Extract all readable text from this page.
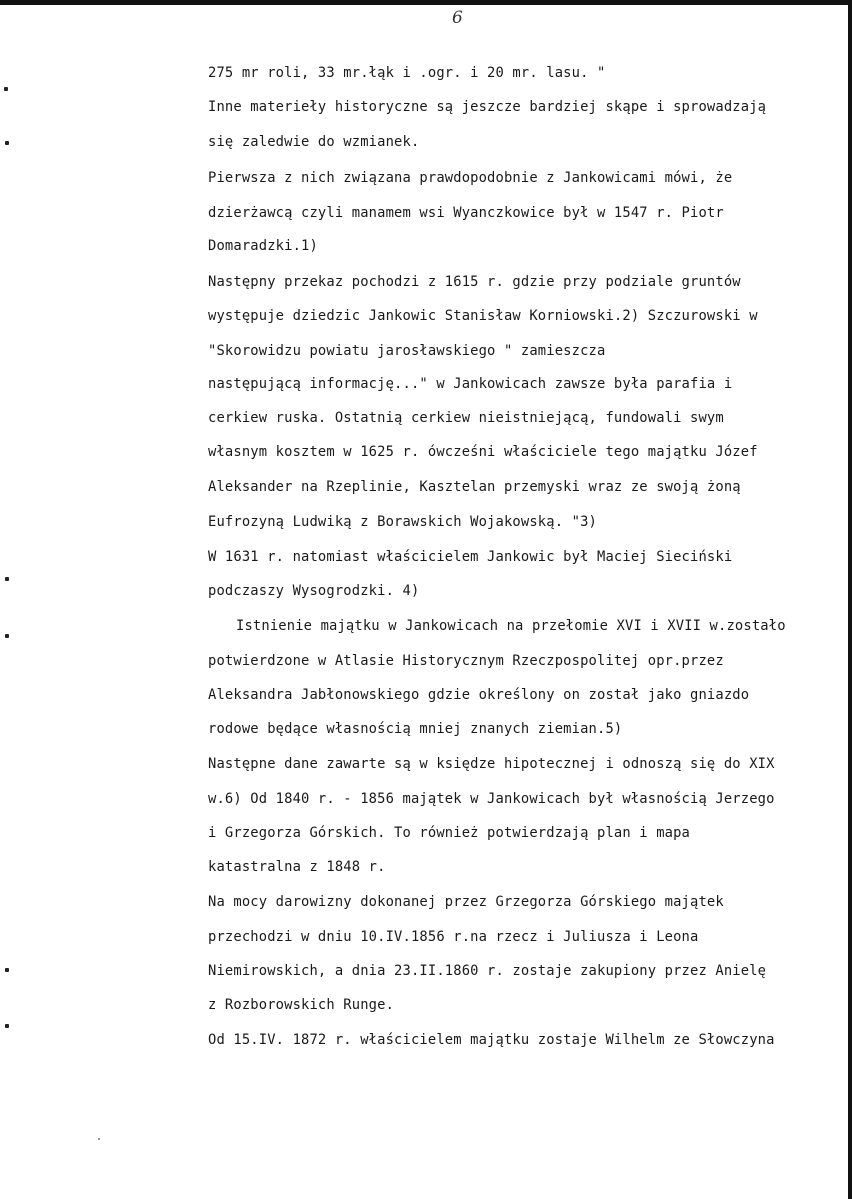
6
275 mr roli, 33 mr.łąk i .ogr. i 20 mr. lasu. "
Inne materieły historyczne są jeszcze bardziej skąpe i sprowadzają
się zaledwie do wzmianek.
Pierwsza z nich związana prawdopodobnie z Jankowicami mówi, że
dzierżawcą czyli manamem wsi Wyanczkowice był w 1547 r. Piotr
Domaradzki.1)
Następny przekaz pochodzi z 1615 r. gdzie przy podziale gruntów
występuje dziedzic Jankowic Stanisław Korniowski.2) Szczurowski w
"Skorowidzu powiatu jarosławskiego " zamieszcza
następującą informację..." w Jankowicach zawsze była parafia i
cerkiew ruska. Ostatnią cerkiew nieistniejącą, fundowali swym
własnym kosztem w 1625 r. ówcześni właściciele tego majątku Józef
Aleksander na Rzeplinie, Kasztelan przemyski wraz ze swoją żoną
Eufrozyną Ludwiką z Borawskich Wojakowską. "3)
W 1631 r. natomiast właścicielem Jankowic był Maciej Sieciński
podczaszy Wysogrodzki. 4)
Istnienie majątku w Jankowicach na przełomie XVI i XVII w.zostało
potwierdzone w Atlasie Historycznym Rzeczpospolitej opr.przez
Aleksandra Jabłonowskiego gdzie określony on został jako gniazdo
rodowe będące własnością mniej znanych ziemian.5)
Następne dane zawarte są w księdze hipotecznej i odnoszą się do XIX
w.6) Od 1840 r. - 1856 majątek w Jankowicach był własnością Jerzego
i Grzegorza Górskich. To również potwierdzają plan i mapa
katastralna z 1848 r.
Na mocy darowizny dokonanej przez Grzegorza Górskiego majątek
przechodzi w dniu 10.IV.1856 r.na rzecz i Juliusza i Leona
Niemirowskich, a dnia 23.II.1860 r. zostaje zakupiony przez Anielę
z Rozborowskich Runge.
Od 15.IV. 1872 r. właścicielem majątku zostaje Wilhelm ze Słowczyna
